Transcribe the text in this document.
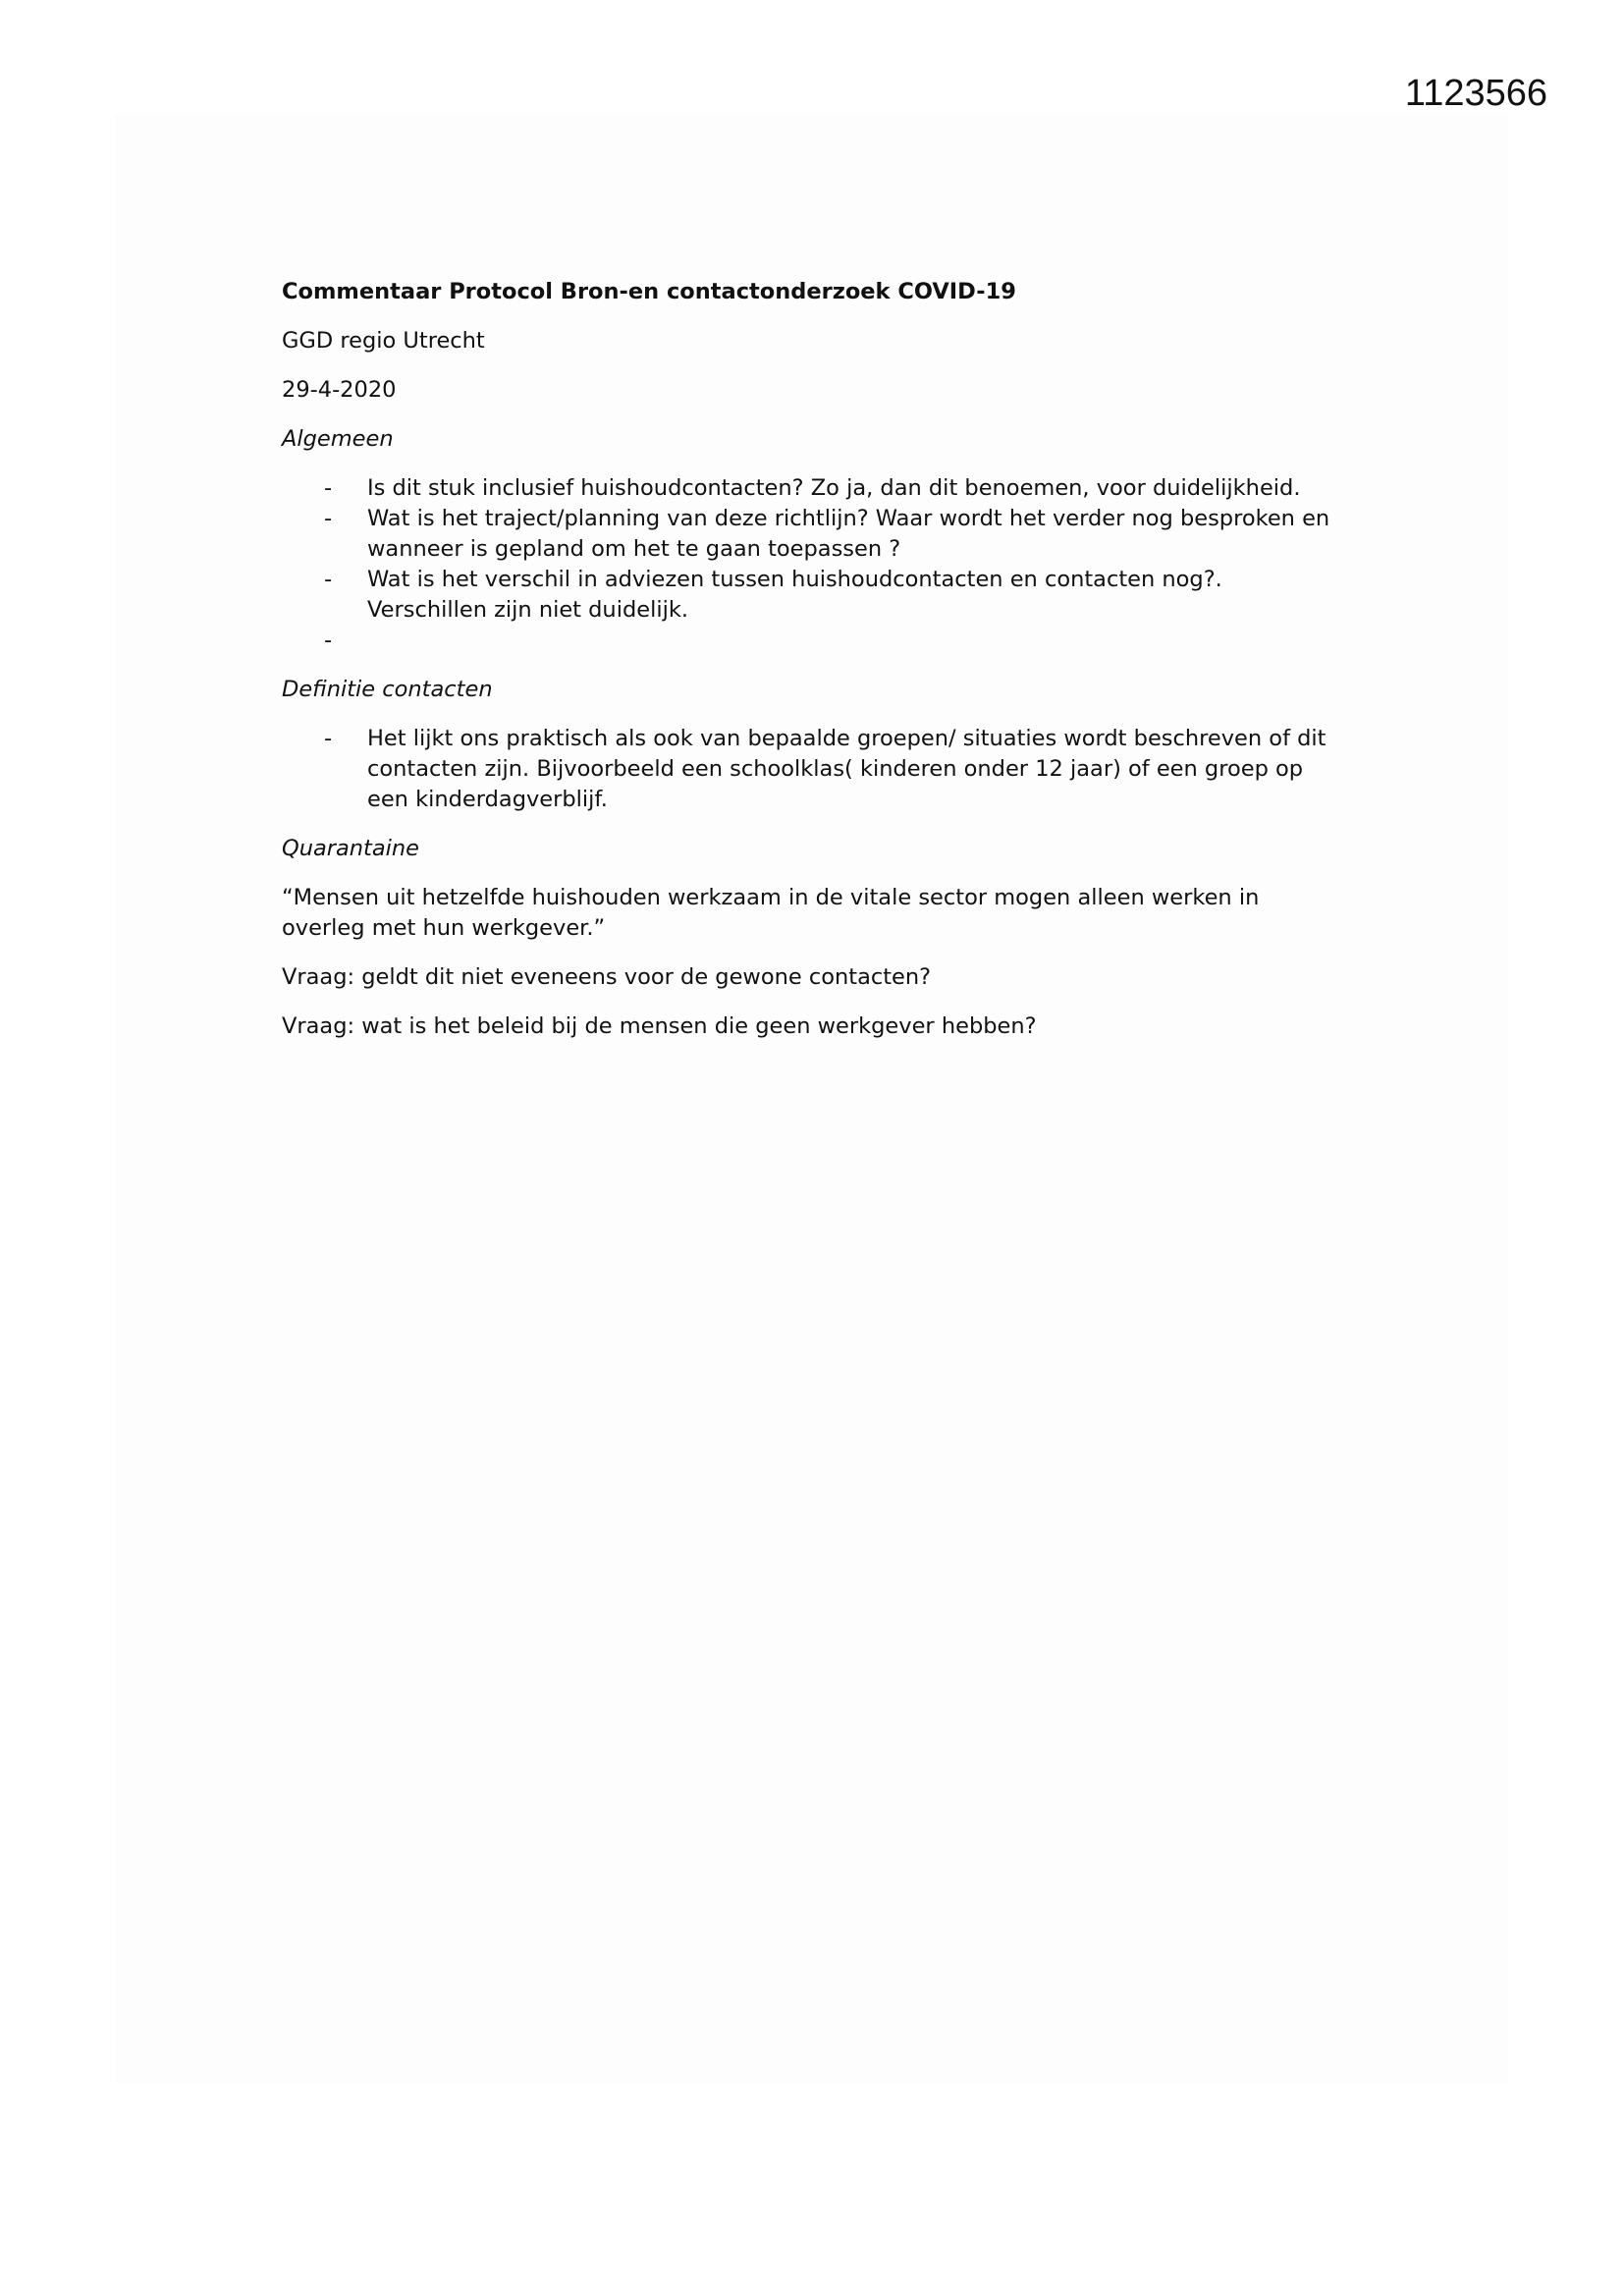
1123566

Commentaar Protocol Bron-en contactonderzoek COVID-19

GGD regio Utrecht

29-4-2020

Algemeen

- Is dit stuk inclusief huishoudcontacten? Zo ja, dan dit benoemen, voor duidelijkheid.
- Wat is het traject/planning van deze richtlijn? Waar wordt het verder nog besproken en wanneer is gepland om het te gaan toepassen ?
- Wat is het verschil in adviezen tussen huishoudcontacten en contacten nog?. Verschillen zijn niet duidelijk.
-

Definitie contacten

- Het lijkt ons praktisch als ook van bepaalde groepen/ situaties wordt beschreven of dit contacten zijn. Bijvoorbeeld een schoolklas( kinderen onder 12 jaar) of een groep op een kinderdagverblijf.

Quarantaine

“Mensen uit hetzelfde huishouden werkzaam in de vitale sector mogen alleen werken in overleg met hun werkgever.”

Vraag: geldt dit niet eveneens voor de gewone contacten?

Vraag: wat is het beleid bij de mensen die geen werkgever hebben?
